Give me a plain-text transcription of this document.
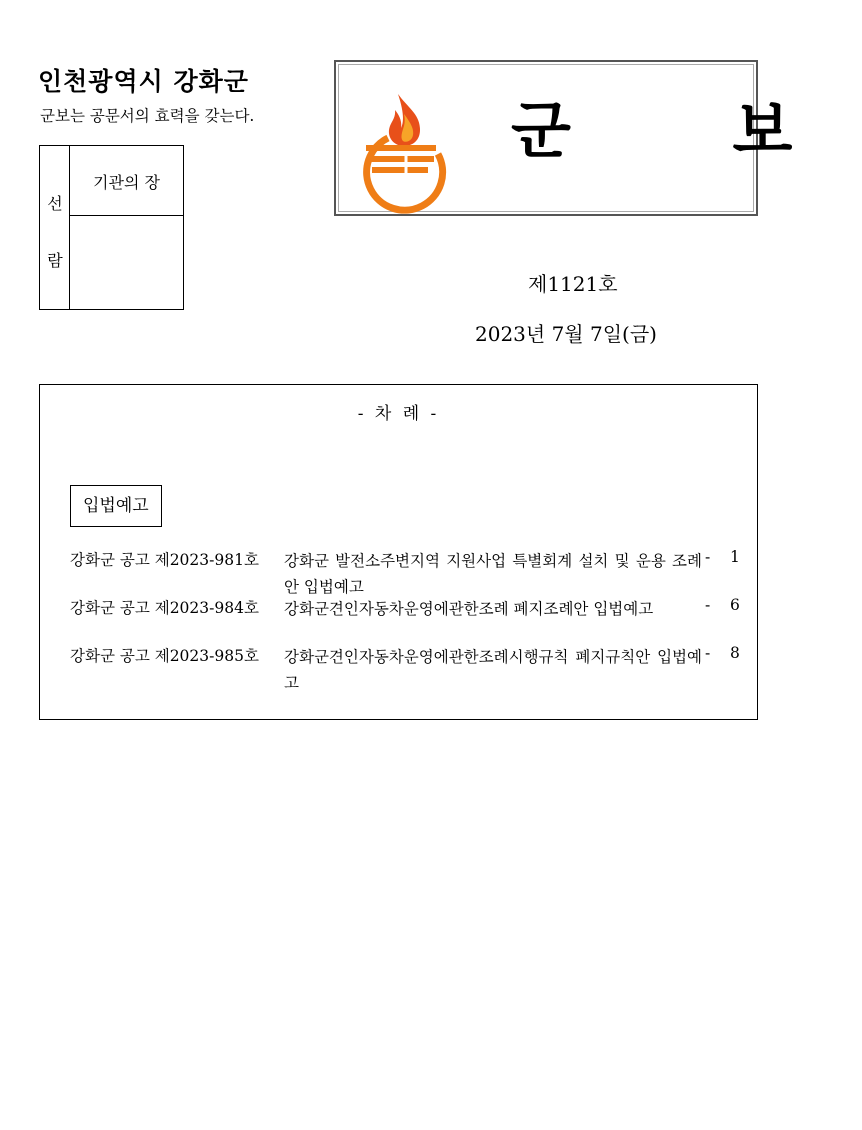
인천광역시 강화군
군보는 공문서의 효력을 갖는다.
선
람
기관의 장
군 보
제1121호
2023년 7월 7일(금)
- 차 례 -
입법예고
강화군 공고 제2023-981호 강화군 발전소주변지역 지원사업 특별회계 설치 및 운용 조례안 입법예고
- 1
강화군 공고 제2023-984호 강화군견인자동차운영에관한조례 폐지조례안 입법예고	- 6
강화군 공고 제2023-985호 강화군견인자동차운영에관한조례시행규칙 폐지규칙안 입법예고
- 8
